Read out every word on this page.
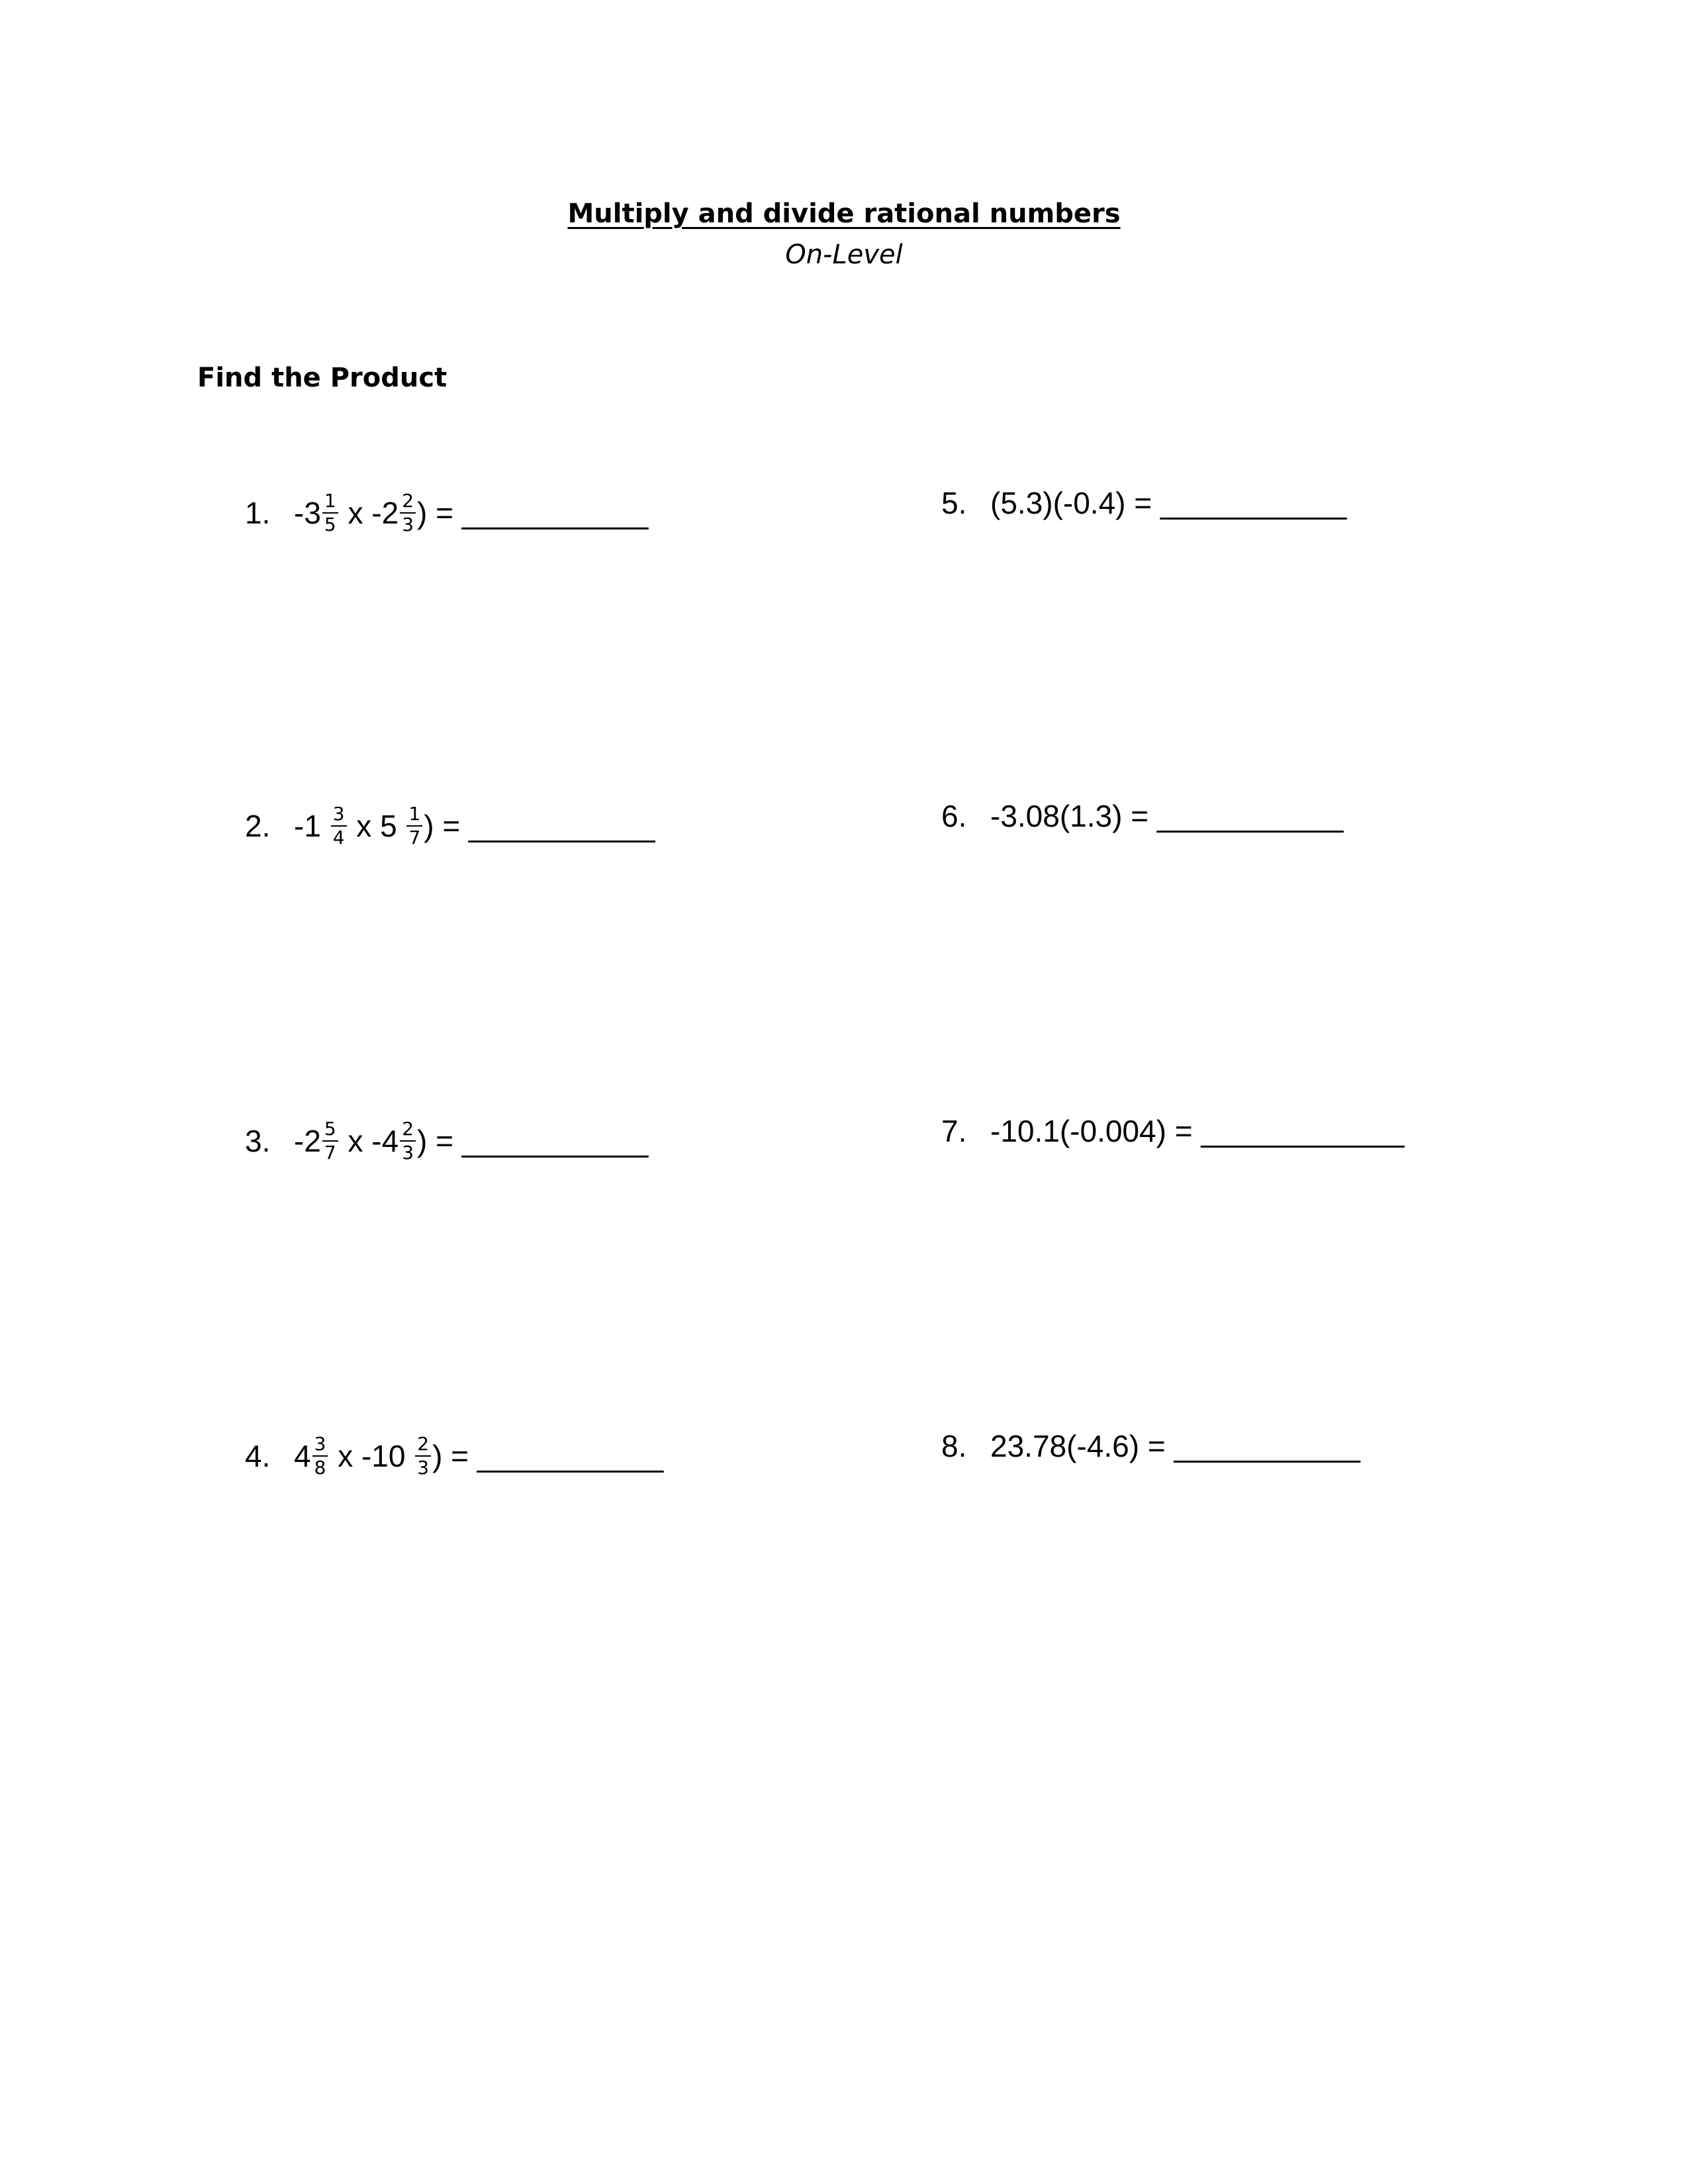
Multiply and divide rational numbers
On-Level
Find the Product
1. $-3 \frac{1}{5}$ x $-2 \frac{2}{3}$ ) = ___________
2. $-1 \frac{3}{4}$ x $5 \frac{1}{7}$ ) = ___________
3. $-2 \frac{5}{7}$ x $-4 \frac{2}{3}$ ) = ___________
4. $4 \frac{3}{8}$ x $-10 \frac{2}{3}$ ) = ___________
5. (5.3)(-0.4) = ___________
6. -3.08(1.3) = ___________
7. -10.1(-0.004) = ____________
8. 23.78(-4.6) = ___________
